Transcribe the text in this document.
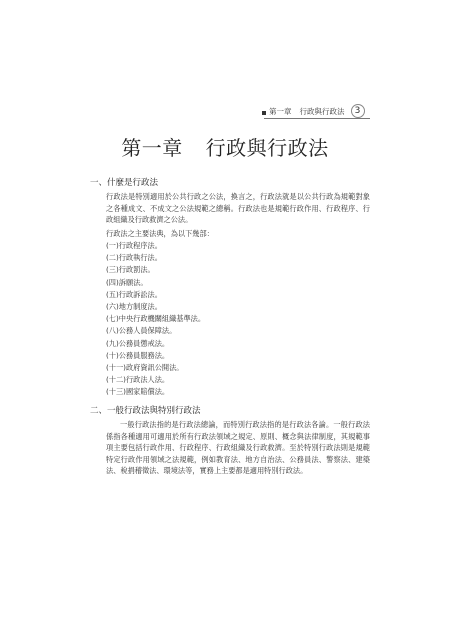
第一章 行政與行政法	3
第一章 行政與行政法
一、什麼是行政法
行政法是特別適用於公共行政之公法，換言之，行政法就是以公共行政為規範對象之各種成文、不成文之公法規範之總稱。行政法也是規範行政作用、行政程序、行政組織及行政救濟之公法。
行政法之主要法典，為以下幾部：
(一)行政程序法。
(二)行政執行法。
(三)行政罰法。
(四)訴願法。
(五)行政訴訟法。
(六)地方制度法。
(七)中央行政機關組織基準法。
(八)公務人員保障法。
(九)公務員懲戒法。
(十)公務員服務法。
(十一)政府資訊公開法。
(十二)行政法人法。
(十三)國家賠償法。
二、一般行政法與特別行政法
一般行政法指的是行政法總論，而特別行政法指的是行政法各論。一般行政法係指各種適用可適用於所有行政法領域之規定、原則、概念與法律制度，其規範事項主要包括行政作用、行政程序、行政組織及行政救濟。至於特別行政法則是規範特定行政作用領域之法規範，例如教育法、地方自治法、公務員法、警察法、建築法、稅捐稽徵法、環境法等，實務上主要都是適用特別行政法。
